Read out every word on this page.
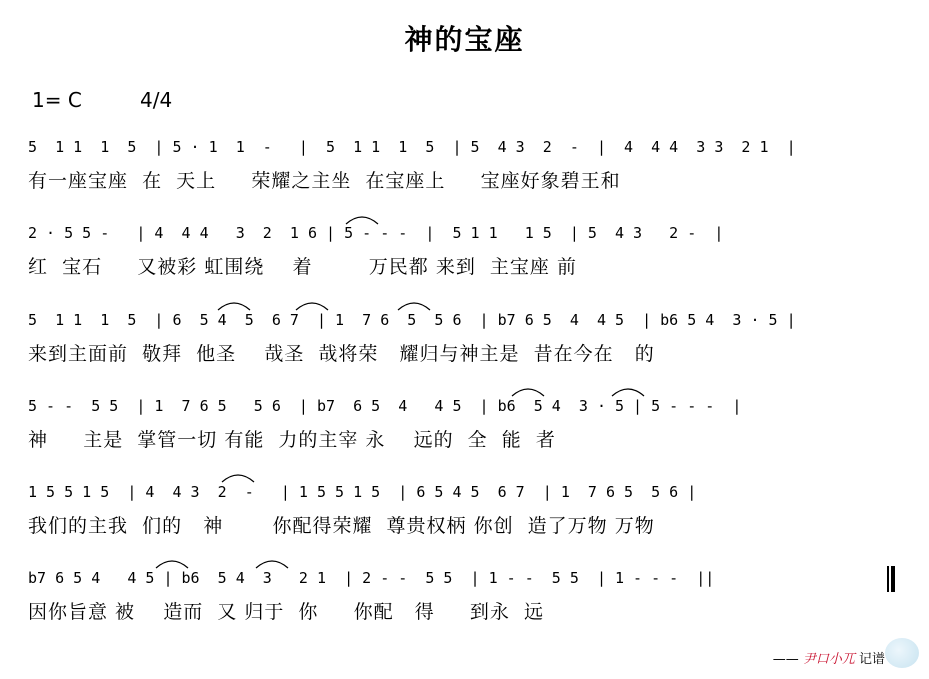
神的宝座
1= C	4/4
5  1 1  1  5  | 5 · 1  1  -   |  5  1 1  1  5  | 5  4 3  2  -  |  4  4 4  3 3  2 1  |
有一座宝座  在  天上     荣耀之主坐  在宝座上     宝座好象碧王和
2 · 5 5 -   | 4  4 4   3  2  1 6 | 5 - - -  |  5 1 1   1 5  | 5  4 3   2 -  |
红  宝石     又被彩 虹围绕    着        万民都 来到  主宝座 前
5  1 1  1  5  | 6  5 4  5  6 7  | 1  7 6  5  5 6  | b7 6 5  4  4 5  | b6 5 4  3 · 5 |
来到主面前  敬拜  他圣    哉圣  哉将荣   耀归与神主是  昔在今在   的
5 - -  5 5  | 1  7 6 5   5 6  | b7  6 5  4   4 5  | b6  5 4  3 · 5 | 5 - - -  |
神     主是  掌管一切 有能  力的主宰 永    远的  全  能  者
1 5 5 1 5  | 4  4 3  2  -   | 1 5 5 1 5  | 6 5 4 5  6 7  | 1  7 6 5  5 6 |
我们的主我  们的   神       你配得荣耀  尊贵权柄 你创  造了万物 万物
b7 6 5 4   4 5 | b6  5 4  3   2 1  | 2 - -  5 5  | 1 - -  5 5  | 1 - - -  ||
因你旨意 被    造而  又 归于  你     你配   得     到永  远
—— 尹口小兀 记谱
